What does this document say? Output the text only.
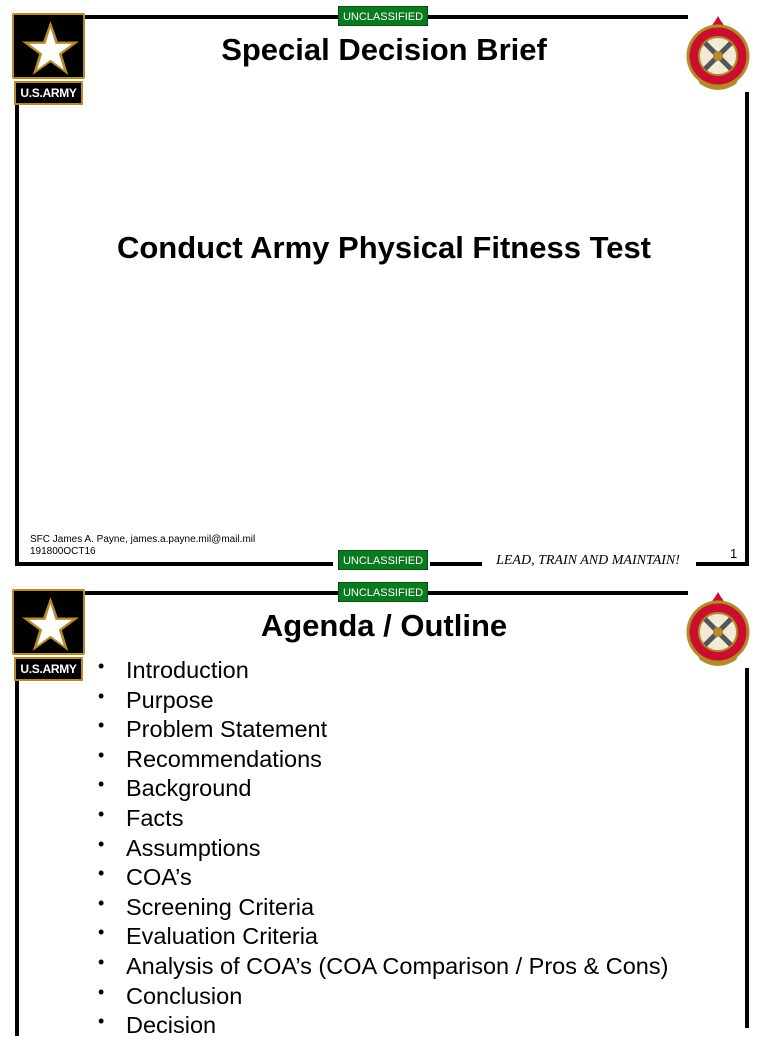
UNCLASSIFIED
U.S.ARMY
Special Decision Brief
Conduct Army Physical Fitness Test
SFC James A. Payne, james.a.payne.mil@mail.mil
191800OCT16
UNCLASSIFIED	LEAD, TRAIN AND MAINTAIN!	1
UNCLASSIFIED
U.S.ARMY
Agenda / Outline
• Introduction
• Purpose
• Problem Statement
• Recommendations
• Background
• Facts
• Assumptions
• COA’s
• Screening Criteria
• Evaluation Criteria
• Analysis of COA’s (COA Comparison / Pros & Cons)
• Conclusion
• Decision
